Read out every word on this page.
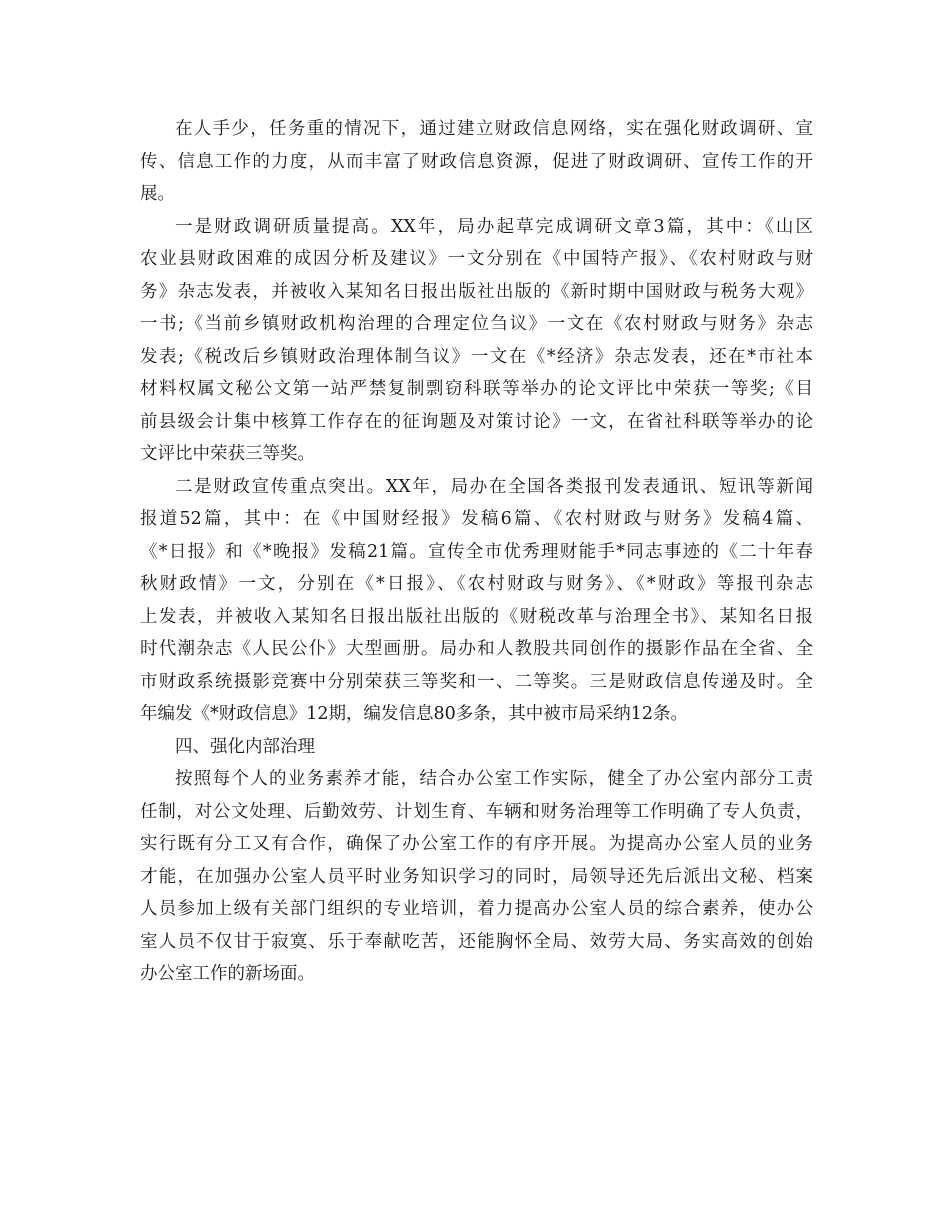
在人手少，任务重的情况下，通过建立财政信息网络，实在强化财政调研、宣
传、信息工作的力度，从而丰富了财政信息资源，促进了财政调研、宣传工作的开
展。
一是财政调研质量提高。XX年，局办起草完成调研文章3篇，其中：《山区
农业县财政困难的成因分析及建议》一文分别在《中国特产报》、《农村财政与财
务》杂志发表，并被收入某知名日报出版社出版的《新时期中国财政与税务大观》
一书;《当前乡镇财政机构治理的合理定位刍议》一文在《农村财政与财务》杂志
发表;《税改后乡镇财政治理体制刍议》一文在《*经济》杂志发表，还在*市社本
材料权属文秘公文第一站严禁复制剽窃科联等举办的论文评比中荣获一等奖;《目
前县级会计集中核算工作存在的征询题及对策讨论》一文，在省社科联等举办的论
文评比中荣获三等奖。
二是财政宣传重点突出。XX年，局办在全国各类报刊发表通讯、短讯等新闻
报道52篇，其中：在《中国财经报》发稿6篇、《农村财政与财务》发稿4篇、
《*日报》和《*晚报》发稿21篇。宣传全市优秀理财能手*同志事迹的《二十年春
秋财政情》一文，分别在《*日报》、《农村财政与财务》、《*财政》等报刊杂志
上发表，并被收入某知名日报出版社出版的《财税改革与治理全书》、某知名日报
时代潮杂志《人民公仆》大型画册。局办和人教股共同创作的摄影作品在全省、全
市财政系统摄影竞赛中分别荣获三等奖和一、二等奖。三是财政信息传递及时。全
年编发《*财政信息》12期，编发信息80多条，其中被市局采纳12条。
四、强化内部治理
按照每个人的业务素养才能，结合办公室工作实际，健全了办公室内部分工责
任制，对公文处理、后勤效劳、计划生育、车辆和财务治理等工作明确了专人负责，
实行既有分工又有合作，确保了办公室工作的有序开展。为提高办公室人员的业务
才能，在加强办公室人员平时业务知识学习的同时，局领导还先后派出文秘、档案
人员参加上级有关部门组织的专业培训，着力提高办公室人员的综合素养，使办公
室人员不仅甘于寂寞、乐于奉献吃苦，还能胸怀全局、效劳大局、务实高效的创始
办公室工作的新场面。
